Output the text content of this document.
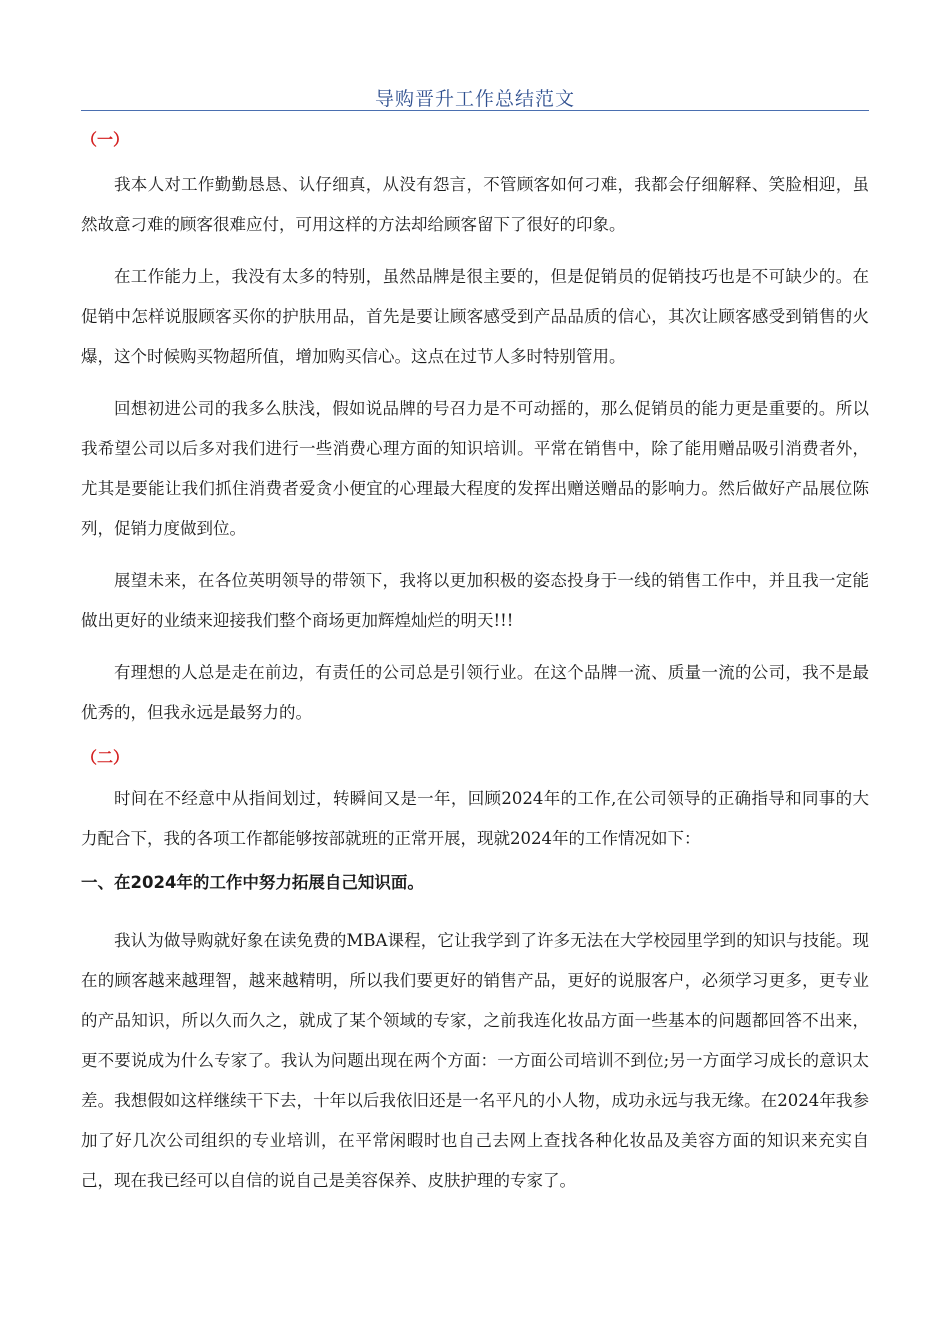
导购晋升工作总结范文

（一）

我本人对工作勤勤恳恳、认仔细真，从没有怨言，不管顾客如何刁难，我都会仔细解释、笑脸相迎，虽然故意刁难的顾客很难应付，可用这样的方法却给顾客留下了很好的印象。

在工作能力上，我没有太多的特别，虽然品牌是很主要的，但是促销员的促销技巧也是不可缺少的。在促销中怎样说服顾客买你的护肤用品，首先是要让顾客感受到产品品质的信心，其次让顾客感受到销售的火爆，这个时候购买物超所值，增加购买信心。这点在过节人多时特别管用。

回想初进公司的我多么肤浅，假如说品牌的号召力是不可动摇的，那么促销员的能力更是重要的。所以我希望公司以后多对我们进行一些消费心理方面的知识培训。平常在销售中，除了能用赠品吸引消费者外，尤其是要能让我们抓住消费者爱贪小便宜的心理最大程度的发挥出赠送赠品的影响力。然后做好产品展位陈列，促销力度做到位。

展望未来，在各位英明领导的带领下，我将以更加积极的姿态投身于一线的销售工作中，并且我一定能做出更好的业绩来迎接我们整个商场更加辉煌灿烂的明天!!!

有理想的人总是走在前边，有责任的公司总是引领行业。在这个品牌一流、质量一流的公司，我不是最优秀的，但我永远是最努力的。

（二）

时间在不经意中从指间划过，转瞬间又是一年，回顾2024年的工作,在公司领导的正确指导和同事的大力配合下，我的各项工作都能够按部就班的正常开展，现就2024年的工作情况如下：

一、在2024年的工作中努力拓展自己知识面。

我认为做导购就好象在读免费的MBA课程，它让我学到了许多无法在大学校园里学到的知识与技能。现在的顾客越来越理智，越来越精明，所以我们要更好的销售产品，更好的说服客户，必须学习更多，更专业的产品知识，所以久而久之，就成了某个领域的专家，之前我连化妆品方面一些基本的问题都回答不出来，更不要说成为什么专家了。我认为问题出现在两个方面：一方面公司培训不到位;另一方面学习成长的意识太差。我想假如这样继续干下去，十年以后我依旧还是一名平凡的小人物，成功永远与我无缘。在2024年我参加了好几次公司组织的专业培训，在平常闲暇时也自己去网上查找各种化妆品及美容方面的知识来充实自己，现在我已经可以自信的说自己是美容保养、皮肤护理的专家了。
